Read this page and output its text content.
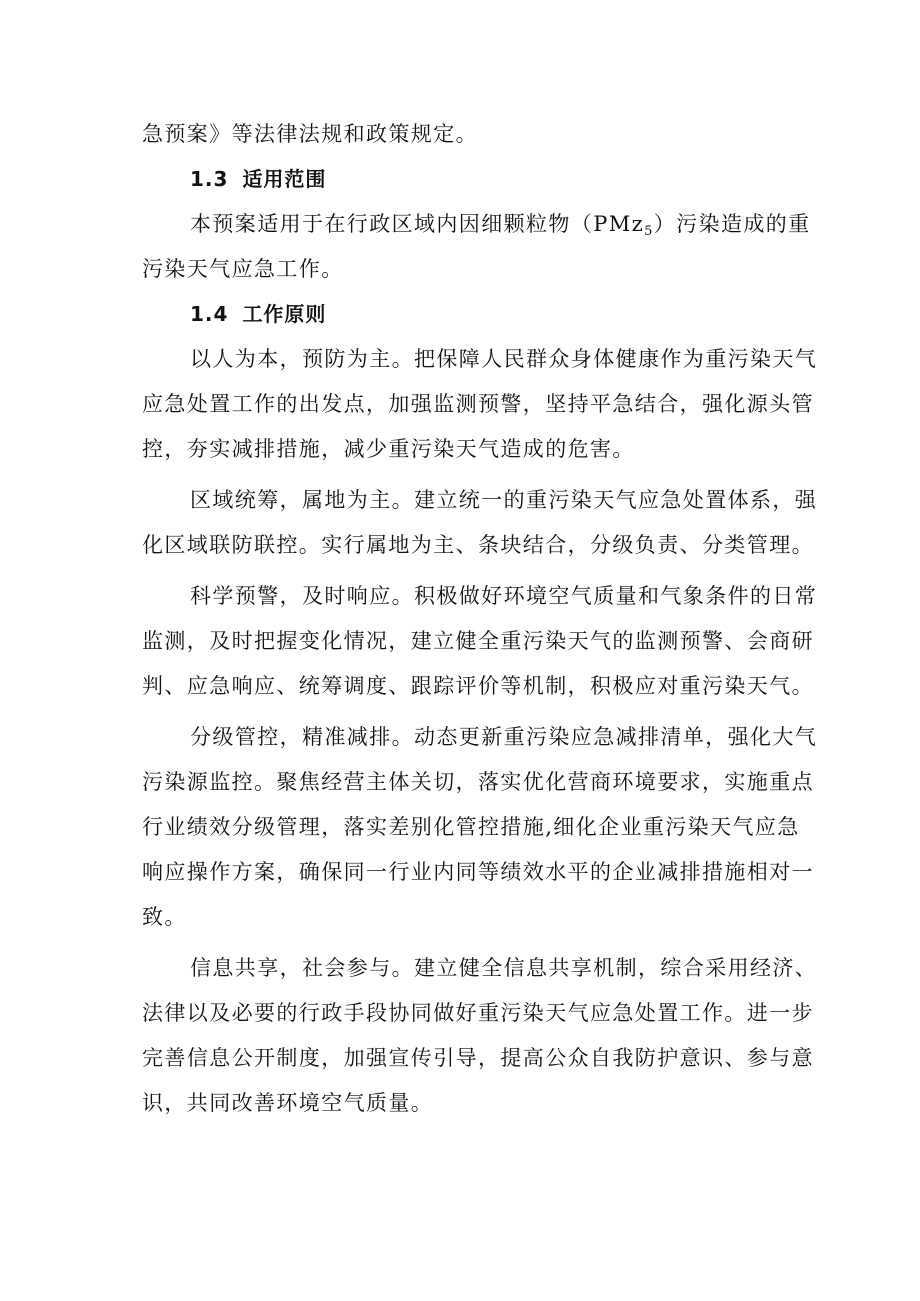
急预案》等法律法规和政策规定。
1.3 适用范围
本预案适用于在行政区域内因细颗粒物（PMz$_5$）污染造成的重
污染天气应急工作。
1.4 工作原则
以人为本，预防为主。把保障人民群众身体健康作为重污染天气
应急处置工作的出发点，加强监测预警，坚持平急结合，强化源头管
控，夯实减排措施，减少重污染天气造成的危害。
区域统筹，属地为主。建立统一的重污染天气应急处置体系，强
化区域联防联控。实行属地为主、条块结合，分级负责、分类管理。
科学预警，及时响应。积极做好环境空气质量和气象条件的日常
监测，及时把握变化情况，建立健全重污染天气的监测预警、会商研
判、应急响应、统筹调度、跟踪评价等机制，积极应对重污染天气。
分级管控，精准减排。动态更新重污染应急减排清单，强化大气
污染源监控。聚焦经营主体关切，落实优化营商环境要求，实施重点
行业绩效分级管理，落实差别化管控措施,细化企业重污染天气应急
响应操作方案，确保同一行业内同等绩效水平的企业减排措施相对一
致。
信息共享，社会参与。建立健全信息共享机制，综合采用经济、
法律以及必要的行政手段协同做好重污染天气应急处置工作。进一步
完善信息公开制度，加强宣传引导，提高公众自我防护意识、参与意
识，共同改善环境空气质量。
